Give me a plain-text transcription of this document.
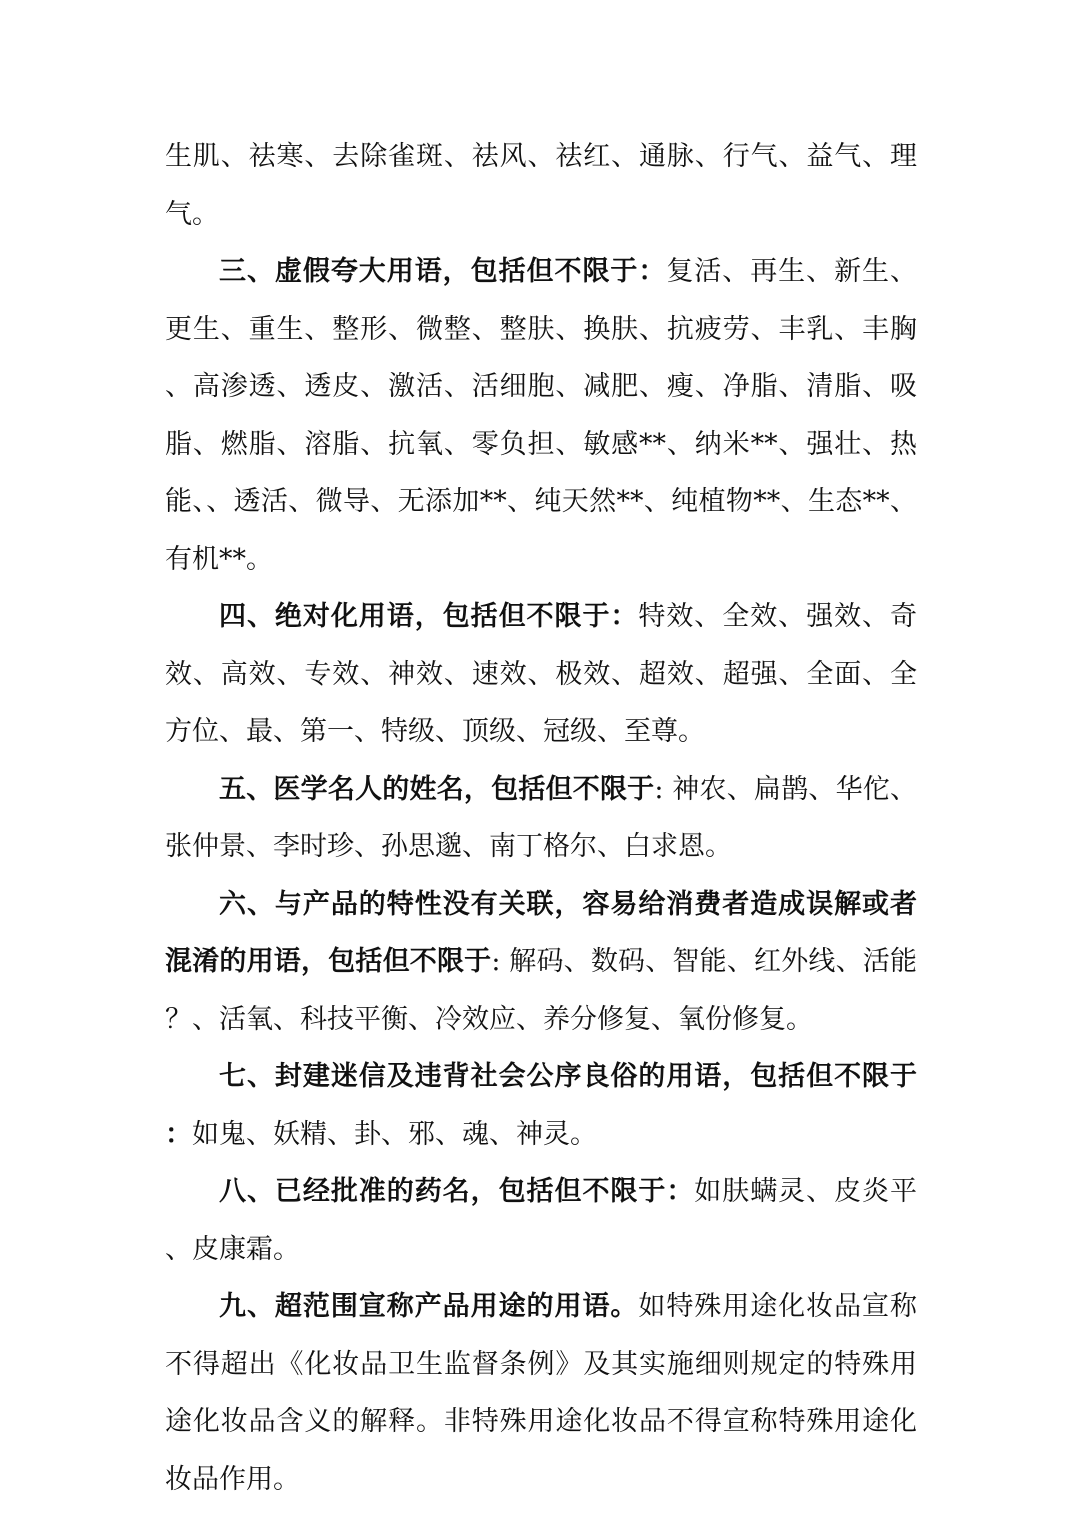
生肌、祛寒、去除雀斑、祛风、祛红、通脉、行气、益气、理气。

三、虚假夸大用语，包括但不限于：复活、再生、新生、更生、重生、整形、微整、整肤、换肤、抗疲劳、丰乳、丰胸、高渗透、透皮、激活、活细胞、减肥、瘦、净脂、清脂、吸脂、燃脂、溶脂、抗氧、零负担、敏感**、纳米**、强壮、热能、、透活、微导、无添加**、纯天然**、纯植物**、生态**、有机**。

四、绝对化用语，包括但不限于：特效、全效、强效、奇效、高效、专效、神效、速效、极效、超效、超强、全面、全方位、最、第一、特级、顶级、冠级、至尊。

五、医学名人的姓名，包括但不限于: 神农、扁鹊、华佗、张仲景、李时珍、孙思邈、南丁格尔、白求恩。

六、与产品的特性没有关联，容易给消费者造成误解或者混淆的用语，包括但不限于: 解码、数码、智能、红外线、活能？、活氧、科技平衡、冷效应、养分修复、氧份修复。

七、封建迷信及违背社会公序良俗的用语，包括但不限于：如鬼、妖精、卦、邪、魂、神灵。

八、已经批准的药名，包括但不限于：如肤螨灵、皮炎平、皮康霜。

九、超范围宣称产品用途的用语。如特殊用途化妆品宣称不得超出《化妆品卫生监督条例》及其实施细则规定的特殊用途化妆品含义的解释。非特殊用途化妆品不得宣称特殊用途化妆品作用。
